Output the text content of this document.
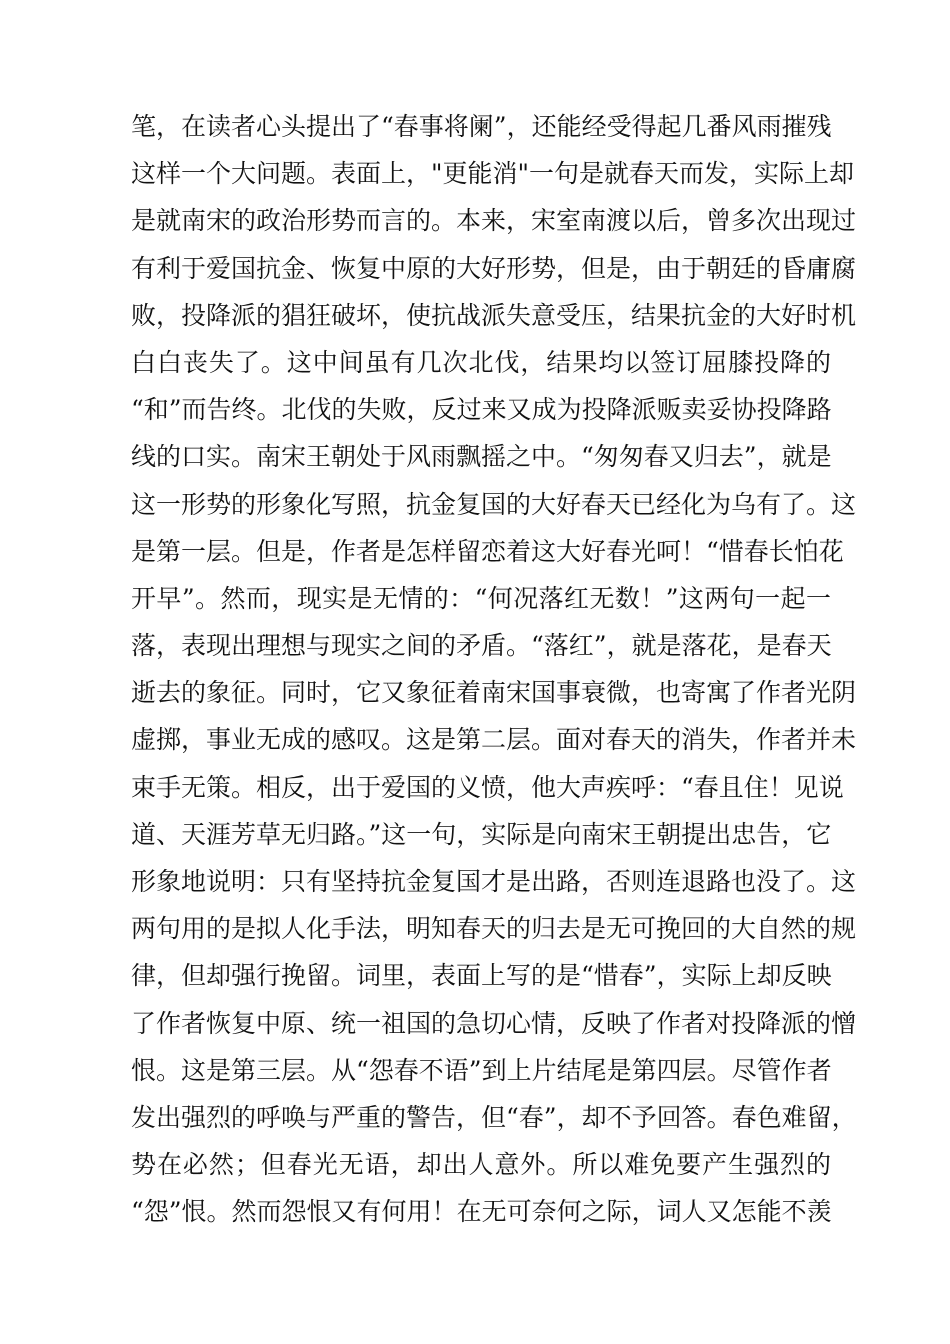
笔，在读者心头提出了“春事将阑”，还能经受得起几番风雨摧残
这样一个大问题。表面上，"更能消"一句是就春天而发，实际上却
是就南宋的政治形势而言的。本来，宋室南渡以后，曾多次出现过
有利于爱国抗金、恢复中原的大好形势，但是，由于朝廷的昏庸腐
败，投降派的猖狂破坏，使抗战派失意受压，结果抗金的大好时机
白白丧失了。这中间虽有几次北伐，结果均以签订屈膝投降的
“和”而告终。北伐的失败，反过来又成为投降派贩卖妥协投降路
线的口实。南宋王朝处于风雨飘摇之中。“匆匆春又归去”，就是
这一形势的形象化写照，抗金复国的大好春天已经化为乌有了。这
是第一层。但是，作者是怎样留恋着这大好春光呵！“惜春长怕花
开早”。然而，现实是无情的：“何况落红无数！”这两句一起一
落，表现出理想与现实之间的矛盾。“落红”，就是落花，是春天
逝去的象征。同时，它又象征着南宋国事衰微，也寄寓了作者光阴
虚掷，事业无成的感叹。这是第二层。面对春天的消失，作者并未
束手无策。相反，出于爱国的义愤，他大声疾呼：“春且住！见说
道、天涯芳草无归路。”这一句，实际是向南宋王朝提出忠告，它
形象地说明：只有坚持抗金复国才是出路，否则连退路也没了。这
两句用的是拟人化手法，明知春天的归去是无可挽回的大自然的规
律，但却强行挽留。词里，表面上写的是“惜春”，实际上却反映
了作者恢复中原、统一祖国的急切心情，反映了作者对投降派的憎
恨。这是第三层。从“怨春不语”到上片结尾是第四层。尽管作者
发出强烈的呼唤与严重的警告，但“春”，却不予回答。春色难留，
势在必然；但春光无语，却出人意外。所以难免要产生强烈的
“怨”恨。然而怨恨又有何用！在无可奈何之际，词人又怎能不羡
